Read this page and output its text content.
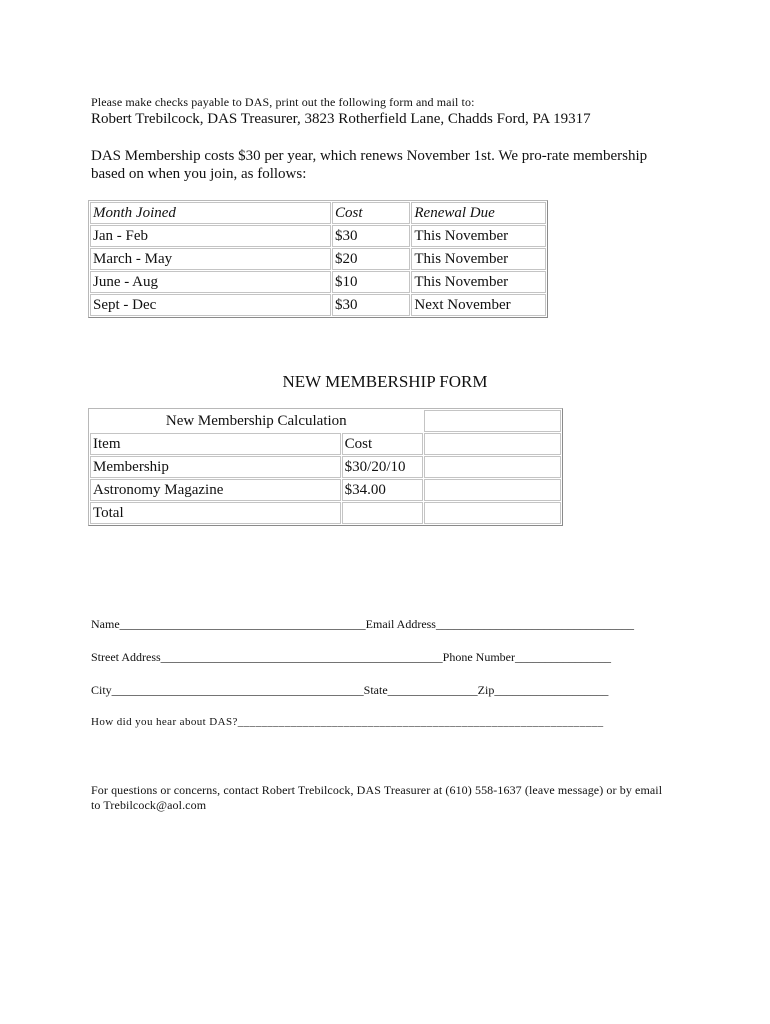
Please make checks payable to DAS, print out the following form and mail to:
Robert Trebilcock, DAS Treasurer, 3823 Rotherfield Lane, Chadds Ford, PA 19317
DAS Membership costs $30 per year, which renews November 1st. We pro-rate membership
based on when you join, as follows:
Month Joined	Cost	Renewal Due
Jan - Feb	$30	This November
March - May	$20	This November
June - Aug	$10	This November
Sept - Dec	$30	Next November
NEW MEMBERSHIP FORM
New Membership Calculation		
Item	Cost	
Membership	$30/20/10	
Astronomy Magazine	$34.00	
Total		
Name_________________________________________Email Address_________________________________
Street Address_______________________________________________Phone Number________________
City__________________________________________State_______________Zip___________________
How did you hear about DAS?______________________________________________________________
For questions or concerns, contact Robert Trebilcock, DAS Treasurer at (610) 558-1637 (leave message) or by email
to Trebilcock@aol.com
